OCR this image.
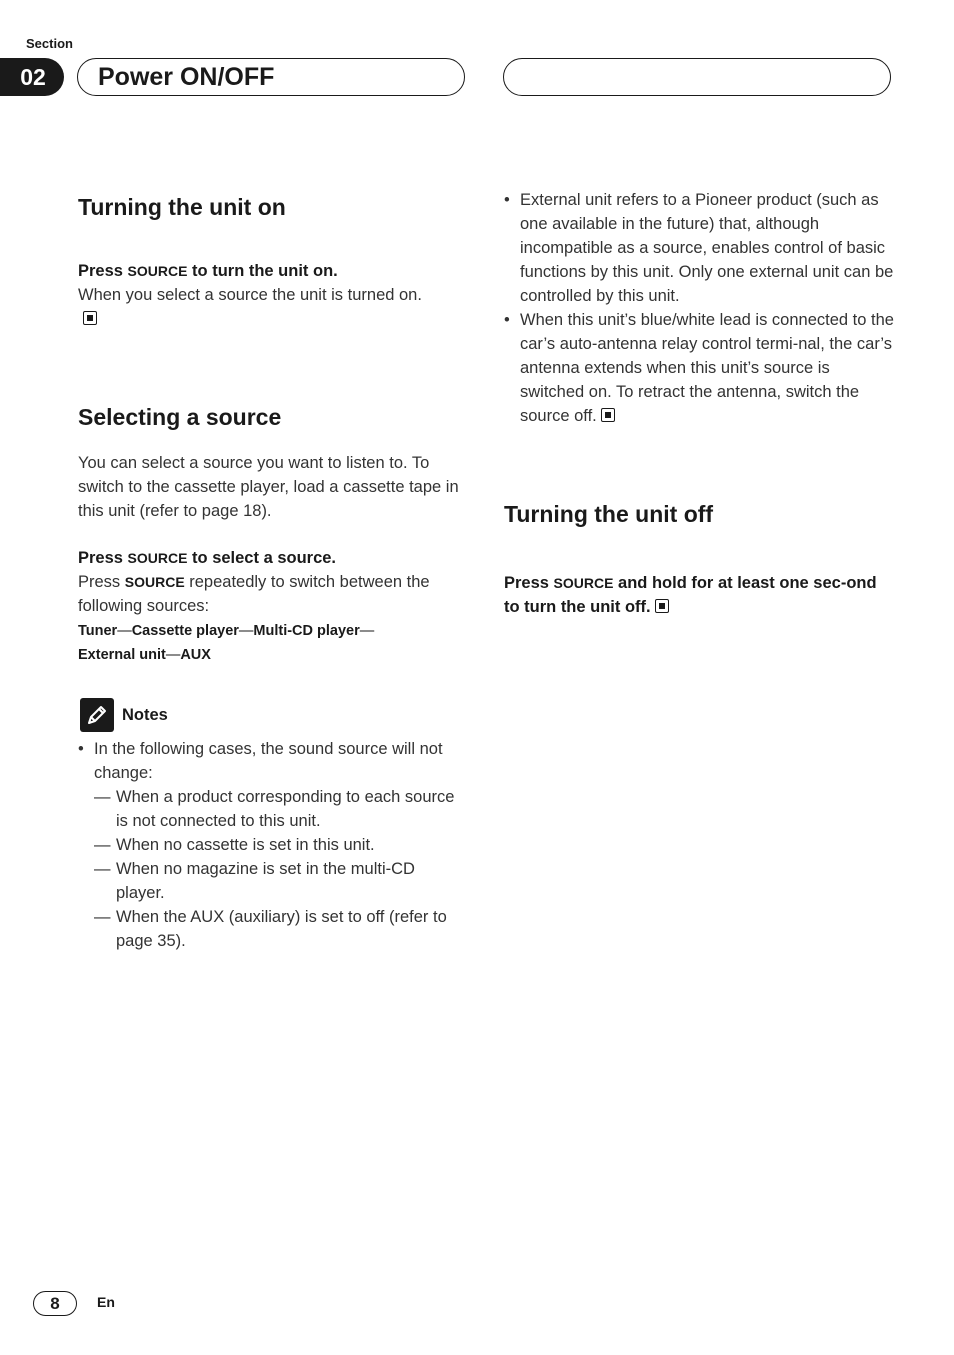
Section
02	Power ON/OFF
Turning the unit on

Press SOURCE to turn the unit on.

When you select a source the unit is turned on.

Selecting a source

You can select a source you want to listen to. To switch to the cassette player, load a cassette tape in this unit (refer to page 18).

Press SOURCE to select a source.

Press SOURCE repeatedly to switch between the following sources:

Tuner—Cassette player—Multi-CD player—
External unit—AUX

Notes
• In the following cases, the sound source will not change:
— When a product corresponding to each source is not connected to this unit.
— When no cassette is set in this unit.
— When no magazine is set in the multi-CD player.
— When the AUX (auxiliary) is set to off (refer to page 35).
• External unit refers to a Pioneer product (such as one available in the future) that, although incompatible as a source, enables control of basic functions by this unit. Only one external unit can be controlled by this unit.
• When this unit’s blue/white lead is connected to the car’s auto-antenna relay control termi-nal, the car’s antenna extends when this unit’s source is switched on. To retract the antenna, switch the source off.
Turning the unit off

Press SOURCE and hold for at least one sec-ond to turn the unit off.

8	En
